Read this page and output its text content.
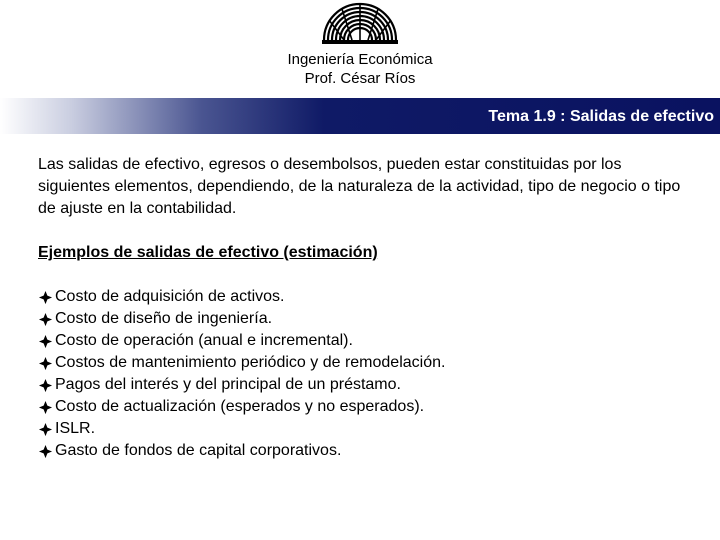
Ingeniería Económica
Prof. César Ríos
Tema 1.9 : Salidas de efectivo
Las salidas de efectivo, egresos o desembolsos, pueden estar constituidas por los siguientes elementos, dependiendo, de la naturaleza de la actividad, tipo de negocio o tipo de ajuste en la contabilidad.
Ejemplos de salidas de efectivo (estimación)
Costo de adquisición de activos.
Costo de diseño de ingeniería.
Costo de operación (anual e incremental).
Costos de mantenimiento periódico y de remodelación.
Pagos del interés y del principal de un préstamo.
Costo de actualización (esperados y no esperados).
ISLR.
Gasto de fondos de capital corporativos.
